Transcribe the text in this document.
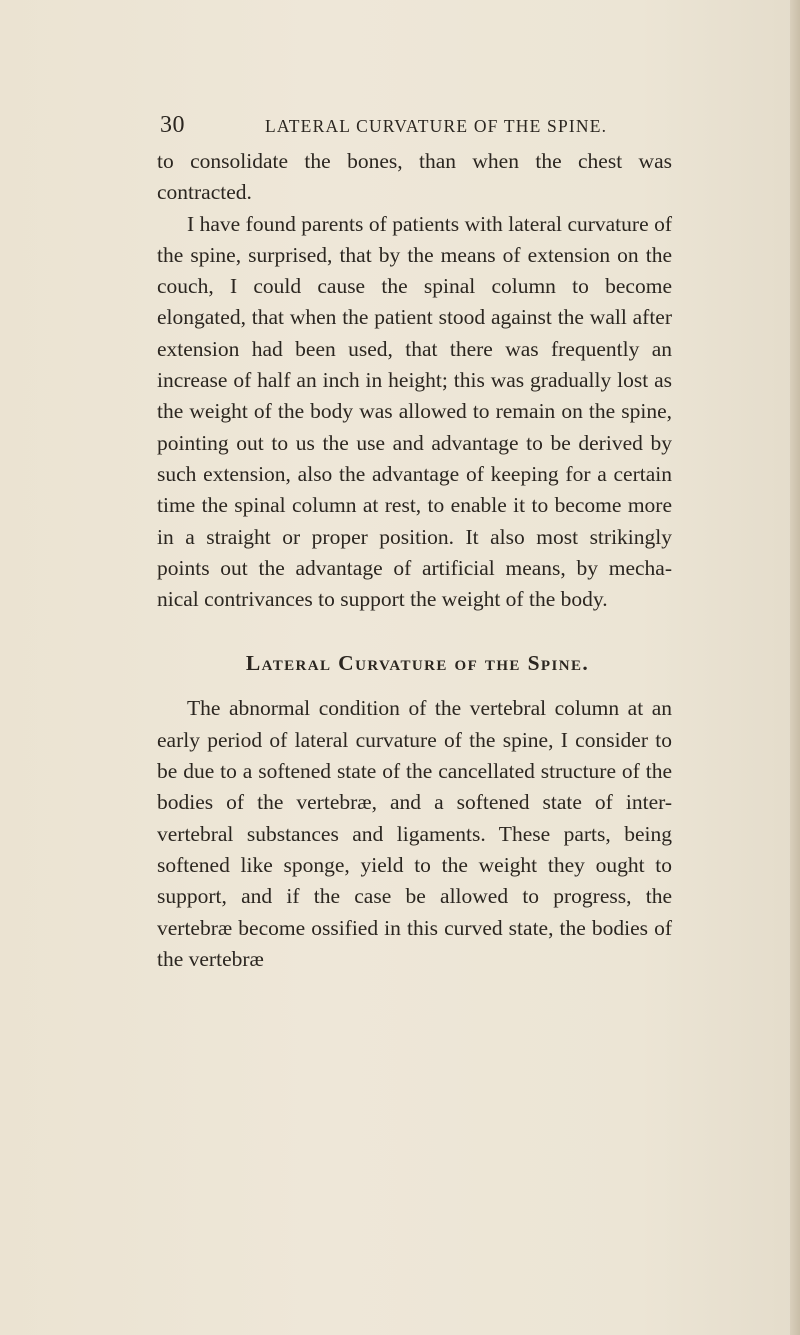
30	LATERAL CURVATURE OF THE SPINE.

to consolidate the bones, than when the chest was contracted.

I have found parents of patients with lateral curvature of the spine, surprised, that by the means of extension on the couch, I could cause the spinal column to become elongated, that when the patient stood against the wall after extension had been used, that there was frequently an increase of half an inch in height; this was gradually lost as the weight of the body was allowed to remain on the spine, pointing out to us the use and advantage to be derived by such extension, also the advantage of keeping for a certain time the spinal column at rest, to enable it to become more in a straight or proper position. It also most strikingly points out the advantage of artificial means, by mecha- nical contrivances to support the weight of the body.

Lateral Curvature of the Spine.

The abnormal condition of the vertebral column at an early period of lateral curvature of the spine, I consider to be due to a softened state of the cancellated structure of the bodies of the vertebræ, and a softened state of inter-vertebral substances and ligaments. These parts, being softened like sponge, yield to the weight they ought to support, and if the case be allowed to progress, the vertebræ become ossified in this curved state, the bodies of the vertebræ
